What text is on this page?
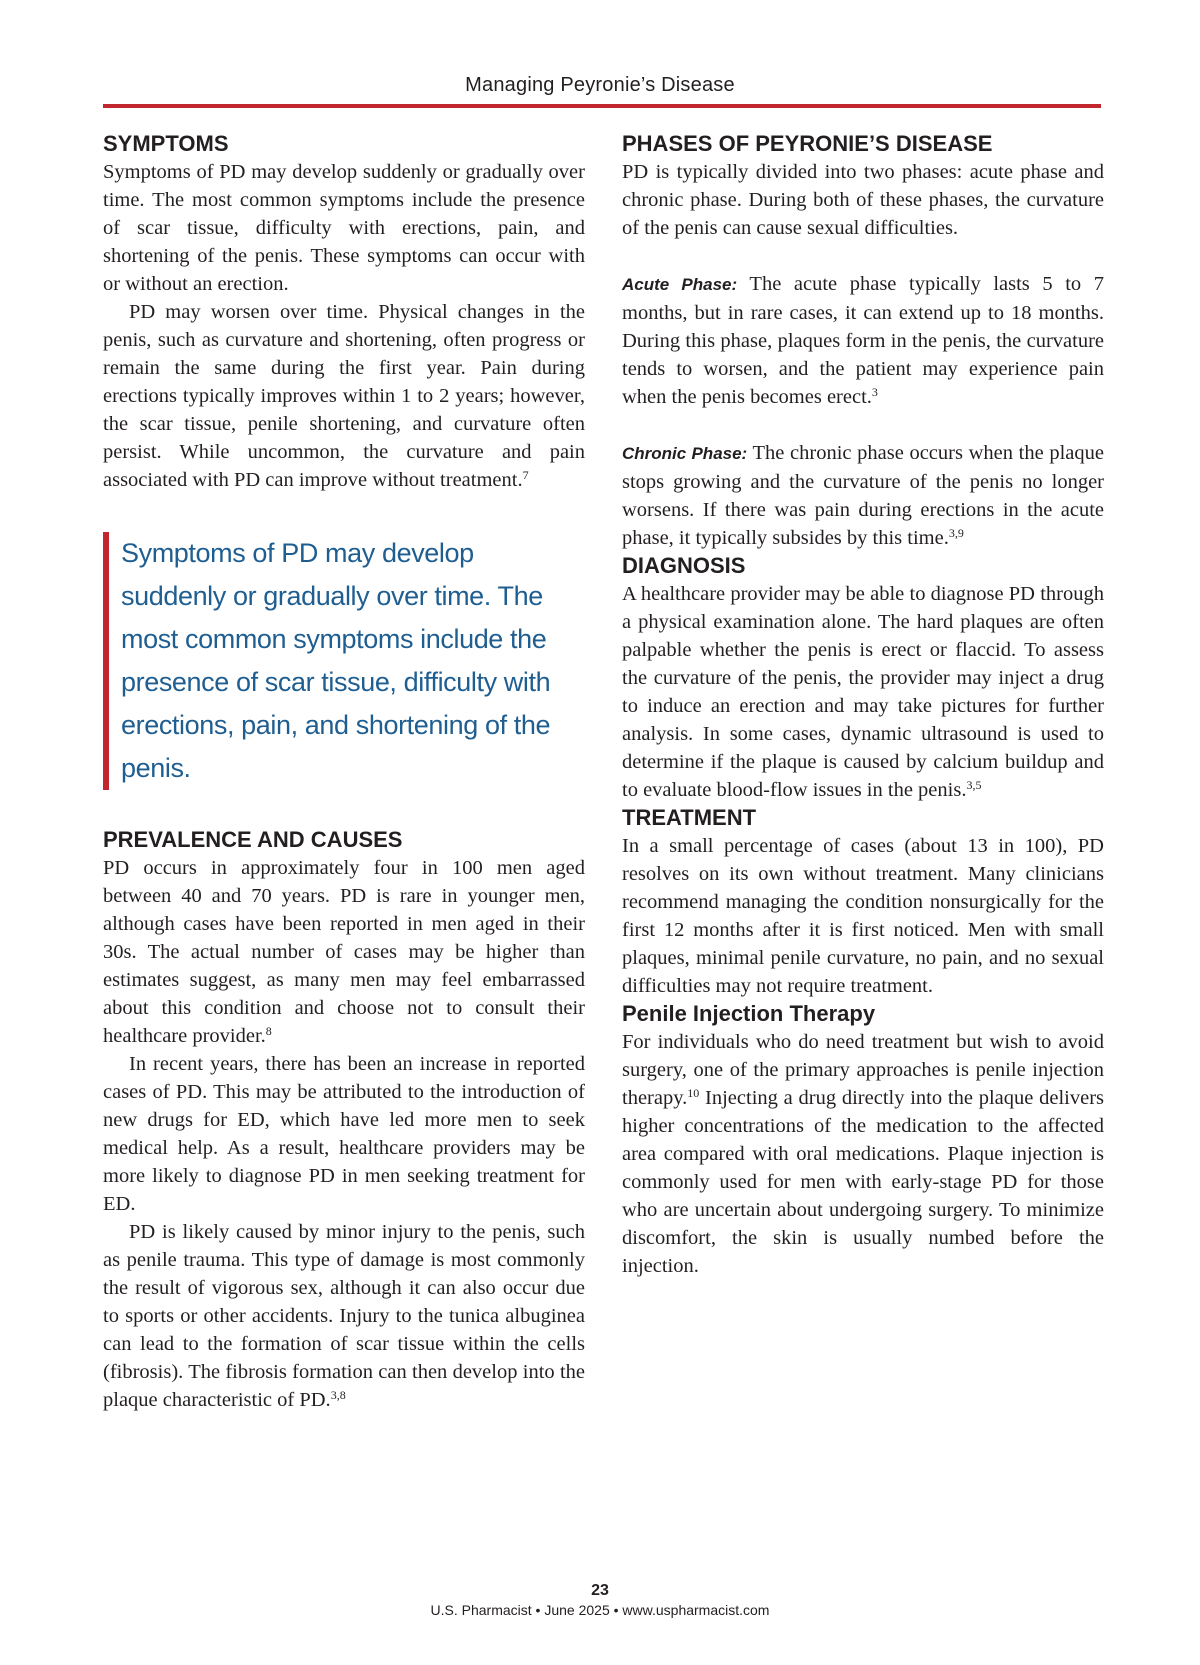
Managing Peyronie’s Disease
SYMPTOMS

Symptoms of PD may develop suddenly or gradually over time. The most common symptoms include the presence of scar tissue, difficulty with erections, pain, and shortening of the penis. These symptoms can occur with or without an erection.

PD may worsen over time. Physical changes in the penis, such as curvature and shortening, often progress or remain the same during the first year. Pain during erections typically improves within 1 to 2 years; however, the scar tissue, penile shortening, and curvature often persist. While uncommon, the curvature and pain associated with PD can improve without treatment.$^7$

Symptoms of PD may develop suddenly or gradually over time. The most common symptoms include the presence of scar tissue, difficulty with erections, pain, and shortening of the penis.
PREVALENCE AND CAUSES

PD occurs in approximately four in 100 men aged between 40 and 70 years. PD is rare in younger men, although cases have been reported in men aged in their 30s. The actual number of cases may be higher than estimates suggest, as many men may feel embarrassed about this condition and choose not to consult their healthcare provider.$^8$

In recent years, there has been an increase in reported cases of PD. This may be attributed to the introduction of new drugs for ED, which have led more men to seek medical help. As a result, healthcare providers may be more likely to diagnose PD in men seeking treatment for ED.

PD is likely caused by minor injury to the penis, such as penile trauma. This type of damage is most commonly the result of vigorous sex, although it can also occur due to sports or other accidents. Injury to the tunica albuginea can lead to the formation of scar tissue within the cells (fibrosis). The fibrosis formation can then develop into the plaque characteristic of PD.$^{3,8}$

PHASES OF PEYRONIE’S DISEASE

PD is typically divided into two phases: acute phase and chronic phase. During both of these phases, the curvature of the penis can cause sexual difficulties.

Acute Phase: The acute phase typically lasts 5 to 7 months, but in rare cases, it can extend up to 18 months. During this phase, plaques form in the penis, the curvature tends to worsen, and the patient may experience pain when the penis becomes erect.$^3$

Chronic Phase: The chronic phase occurs when the plaque stops growing and the curvature of the penis no longer worsens. If there was pain during erections in the acute phase, it typically subsides by this time.$^{3,9}$

DIAGNOSIS

A healthcare provider may be able to diagnose PD through a physical examination alone. The hard plaques are often palpable whether the penis is erect or flaccid. To assess the curvature of the penis, the provider may inject a drug to induce an erection and may take pictures for further analysis. In some cases, dynamic ultrasound is used to determine if the plaque is caused by calcium buildup and to evaluate blood-flow issues in the penis.$^{3,5}$

TREATMENT

In a small percentage of cases (about 13 in 100), PD resolves on its own without treatment. Many clinicians recommend managing the condition nonsurgically for the first 12 months after it is first noticed. Men with small plaques, minimal penile curvature, no pain, and no sexual difficulties may not require treatment.

Penile Injection Therapy

For individuals who do need treatment but wish to avoid surgery, one of the primary approaches is penile injection therapy.$^{10}$ Injecting a drug directly into the plaque delivers higher concentrations of the medication to the affected area compared with oral medications. Plaque injection is commonly used for men with early-stage PD for those who are uncertain about undergoing surgery. To minimize discomfort, the skin is usually numbed before the injection.

23
U.S. Pharmacist • June 2025 • www.uspharmacist.com
